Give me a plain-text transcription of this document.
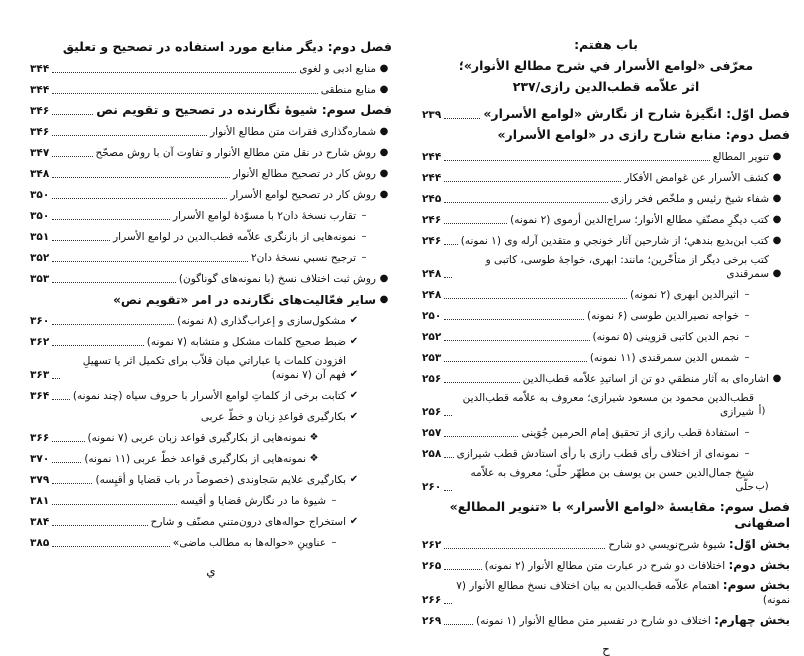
فصل دوم: ديگر منابع مورد استفاده در تصحيح و تعليق
●
منابع ادبی و لغوی
۳۴۴
●
منابع منطقی
۳۴۴
فصل سوم: شيوهٔ نگارنده در تصحيح و تقويم نص
۳۴۶
●
شماره‌گذاری فقرات متن مطالع الأنوار
۳۴۶
●
روش شارح در نقل متن مطالع الأنوار و تفاوت آن با روش مصحّح
۳۴۷
●
روش كار در تصحيح مطالع الأنوار
۳۴۸
●
روش كار در تصحيح لوامع الأسرار
۳۵۰
–
تقارب نسخهٔ دان۲ با مسوّدهٔ لوامع الأسرار
۳۵۰
–
نمونه‌هايی از بازنگری علاّمه قطب‌الدين در لوامع الأسرار
۳۵۱
–
ترجيح نسبي نسخهٔ دان۲
۳۵۲
●
روش ثبت اختلاف نسخ (با نمونه‌های گوناگون)
۳۵۳
●
ساير فعّاليت‌های نگارنده در امر «تقويم نص»
✔
مشكول‌سازی و إعراب‌گذاری (۸ نمونه)
۳۶۰
✔
ضبط صحيح كلمات مشكل و متشابه (۷ نمونه)
۳۶۲
✔
افزودن كلمات يا عباراتي ميان قلاّب برای تكميل اثر يا تسهيلِ فهم آن (۷ نمونه)
۳۶۳
✔
كتابت برخی از كلماتِ لوامع الأسرار با حروف سياه (چند نمونه)
۳۶۴
✔
بكارگيری قواعدِ زبان و خطّ عربی
❖
نمونه‌هايی از بكارگيری قواعد زبان عربی (۷ نمونه)
۳۶۶
❖
نمونه‌هايی از بكارگيری قواعد خطّ عربی (۱۱ نمونه)
۳۷۰
✔
بكارگيری علايم سَجاوندی (خصوصاً در باب قضايا و أقيِسه)
۳۷۹
–
شيوهٔ ما در نگارش قضايا و أقيسه
۳۸۱
✔
استخراج حواله‌های درون‌متني مصنّف و شارح
۳۸۴
–
عناوينِ «حواله‌ها به مطالب ماضی»
۳۸۵
ي
باب هفتم:
معرّفی «لوامع الأسرار في شرح مطالع الأنوار»؛
اثر علاّمه قطب‌الدين رازی/۲۳۷
فصل اوّل: انگيزهٔ شارح از نگارش «لوامع الأسرار»
۲۳۹
فصل دوم: منابع شارح رازی در «لوامع الأسرار»
●
تنوير المطالع
۲۴۴
●
كشف الأسرار عن غوامض الأفكار
۲۴۴
●
شفاء شيخ رئيس و ملخّص فخر رازی
۲۴۵
●
كتب ديگرِ مصنّفِ مطالع الأنوار؛ سراج‌الدين أرموی (۲ نمونه)
۲۴۶
●
كتب ابن‌بديع بندهي؛ از شارحين آثار خونجي و متقدين آرله وی (۱ نمونه)
۲۴۶
●
كتب برخی ديگر از متأخّرين؛ مانند: ابهری، خواجهٔ طوسی، كاتبی و سمرقندی
۲۴۸
–
اثيرالدين ابهری (۲ نمونه)
۲۴۸
–
خواجه نصيرالدين طوسی (۶ نمونه)
۲۵۰
–
نجم الدين كاتبی قزوينی (۵ نمونه)
۲۵۲
–
شمس الدين سمرقندی (۱۱ نمونه)
۲۵۳
●
اشاره‌ای به آثار منطقي دو تن از اساتيدِ علاّمه قطب‌الدين
۲۵۶
أ)
قطب‌الدين محمود بن مسعود شيرازی؛ معروف به علاّمه قطب‌الدين شيرازی
۲۵۶
–
استفادهٔ قطب رازی از تحقيق إمام الحرمين جُوَينی
۲۵۷
–
نمونه‌ای از اختلاف رأی قطب رازی با رأی استادش قطب شيرازی
۲۵۸
ب)
شيخ جمال‌الدين حسن بن يوسف بن مطهّر حلّی؛ معروف به علاّمه حلّی
۲۶۰
فصل سوم: مقايسهٔ «لوامع الأسرار» با «تنوير المطالع» اصفهانی
بخش اوّل: شيوهٔ شرح‌نويسي دو شارح
۲۶۲
بخش دوم: اختلافات دو شرح در عبارت متن مطالع الأنوار (۲ نمونه)
۲۶۵
بخش سوم: اهتمام علاّمه قطب‌الدين به بيان اختلاف نسخ مطالع الأنوار (۷ نمونه)
۲۶۶
بخش چهارم: اختلاف دو شارح در تفسير متن مطالع الأنوار (۱ نمونه)
۲۶۹
ح
